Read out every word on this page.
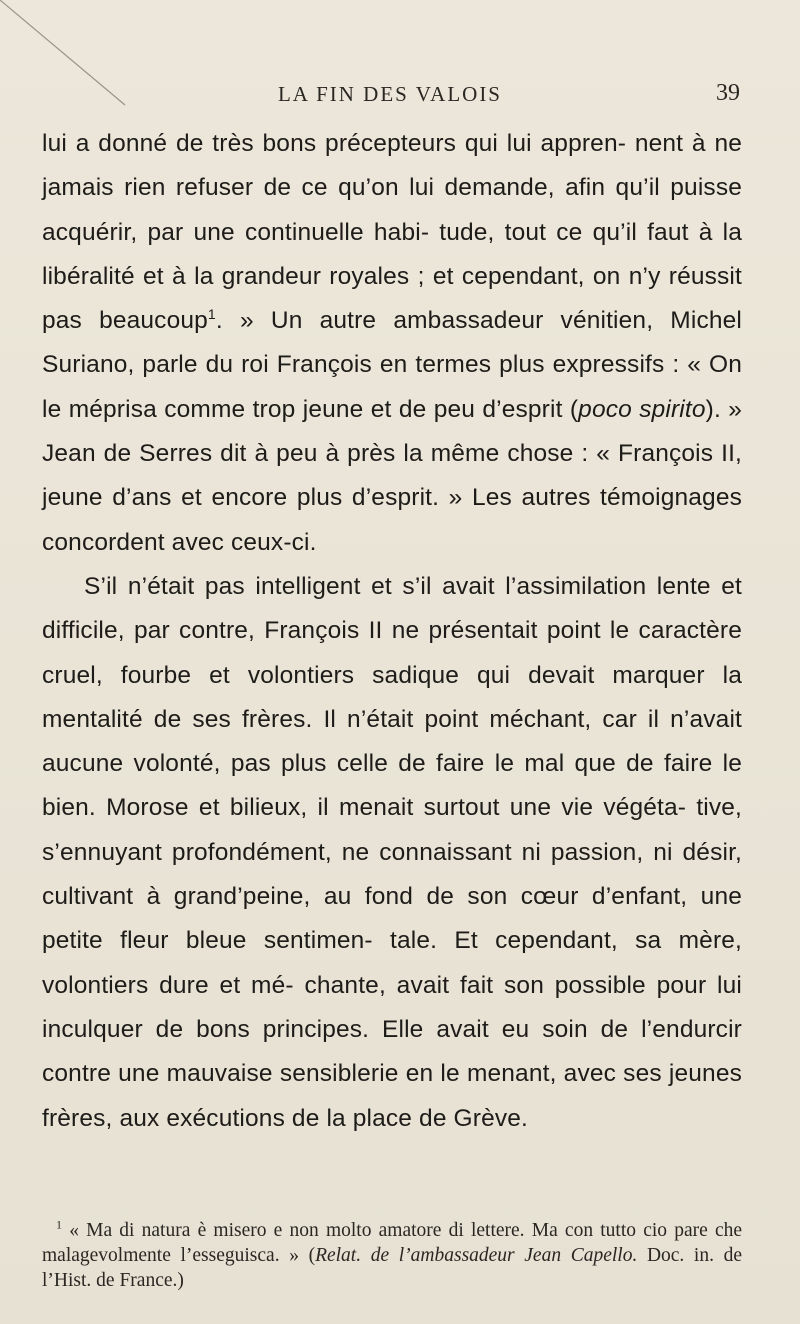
LA FIN DES VALOIS	39

lui a donné de très bons précepteurs qui lui appren- nent à ne jamais rien refuser de ce qu’on lui demande, afin qu’il puisse acquérir, par une continuelle habi- tude, tout ce qu’il faut à la libéralité et à la grandeur royales ; et cependant, on n’y réussit pas beaucoup$^1$. » Un autre ambassadeur vénitien, Michel Suriano, parle du roi François en termes plus expressifs : « On le méprisa comme trop jeune et de peu d’esprit (poco spirito). » Jean de Serres dit à peu à près la même chose : « François II, jeune d’ans et encore plus d’esprit. » Les autres témoignages concordent avec ceux-ci.

S’il n’était pas intelligent et s’il avait l’assimilation lente et difficile, par contre, François II ne présentait point le caractère cruel, fourbe et volontiers sadique qui devait marquer la mentalité de ses frères. Il n’était point méchant, car il n’avait aucune volonté, pas plus celle de faire le mal que de faire le bien. Morose et bilieux, il menait surtout une vie végéta- tive, s’ennuyant profondément, ne connaissant ni passion, ni désir, cultivant à grand’peine, au fond de son cœur d’enfant, une petite fleur bleue sentimen- tale. Et cependant, sa mère, volontiers dure et mé- chante, avait fait son possible pour lui inculquer de bons principes. Elle avait eu soin de l’endurcir contre une mauvaise sensiblerie en le menant, avec ses jeunes frères, aux exécutions de la place de Grève.

$^1$ « Ma di natura è misero e non molto amatore di lettere. Ma con tutto cio pare che malagevolmente l’esseguisca. » (Relat. de l’ambassadeur Jean Capello. Doc. in. de l’Hist. de France.)
